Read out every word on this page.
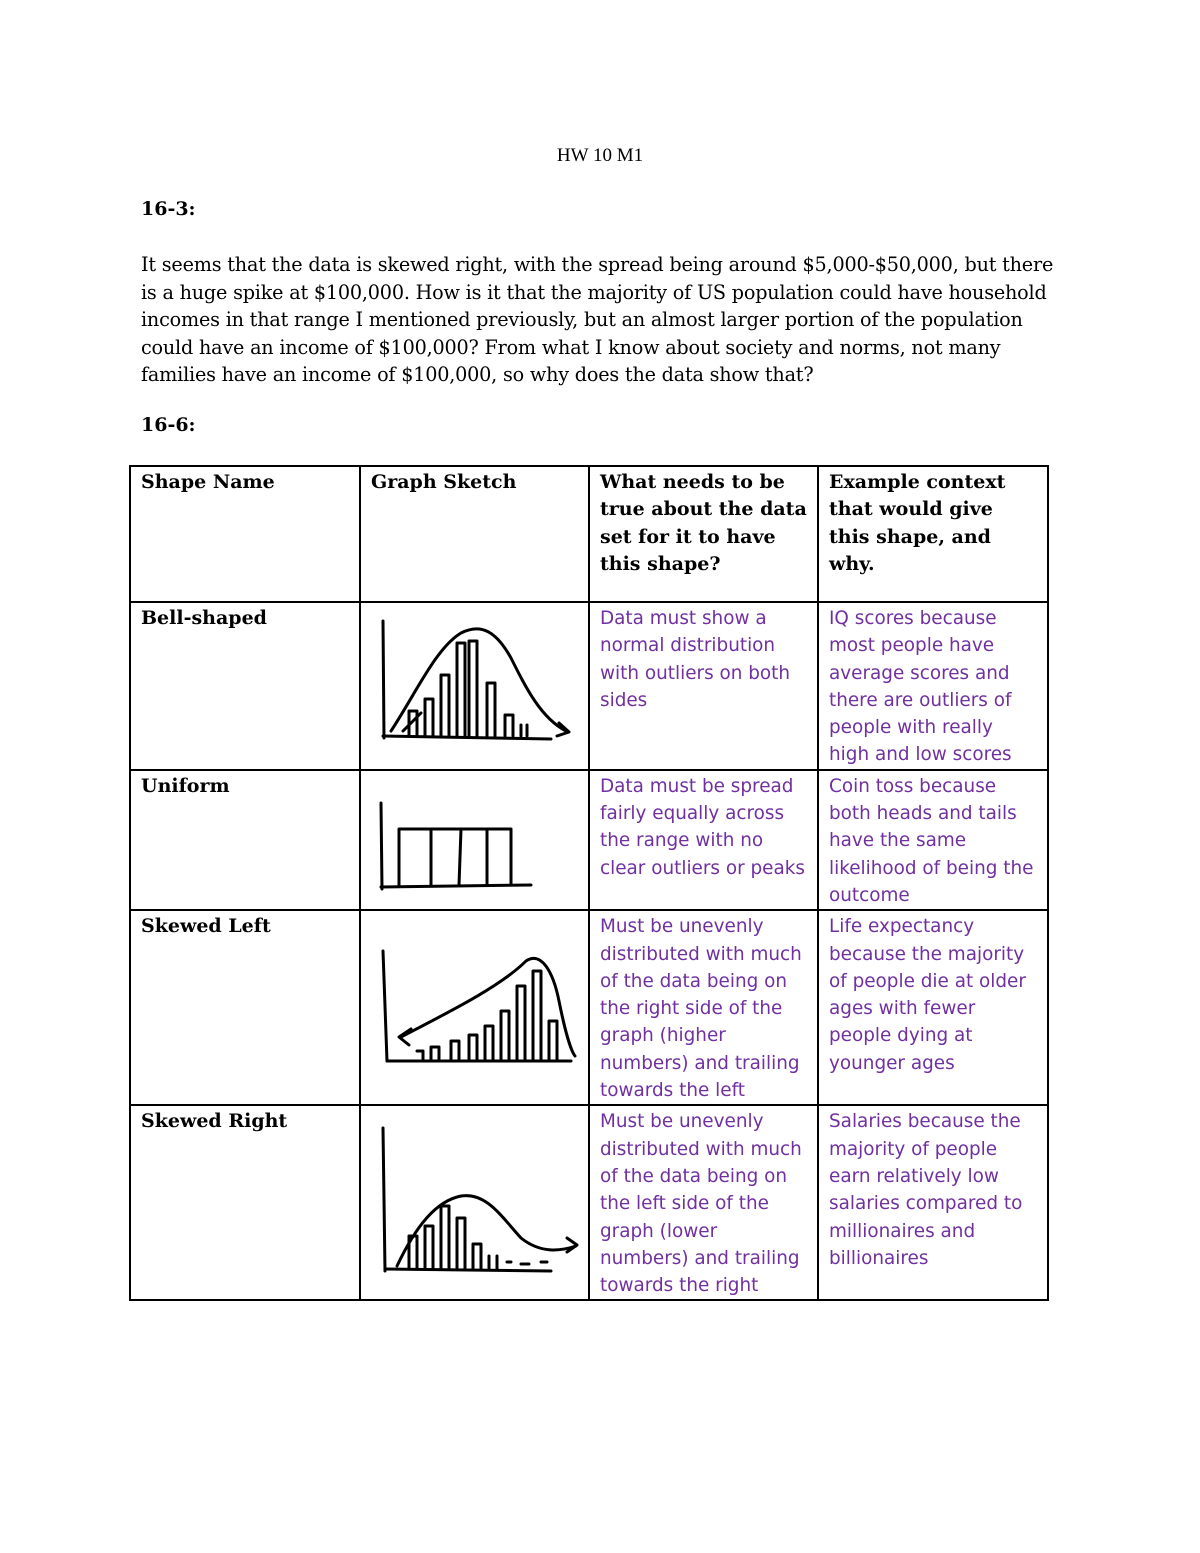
HW 10 M1
16-3:
It seems that the data is skewed right, with the spread being around $5,000-$50,000, but there is a huge spike at $100,000. How is it that the majority of US population could have household incomes in that range I mentioned previously, but an almost larger portion of the population could have an income of $100,000? From what I know about society and norms, not many families have an income of $100,000, so why does the data show that?
16-6:
Shape Name	Graph Sketch	What needs to be true about the data set for it to have this shape?	Example context that would give this shape, and why.
Bell-shaped		Data must show a normal distribution with outliers on both sides	IQ scores because most people have average scores and there are outliers of people with really high and low scores
Uniform		Data must be spread fairly equally across the range with no clear outliers or peaks	Coin toss because both heads and tails have the same likelihood of being the outcome
Skewed Left		Must be unevenly distributed with much of the data being on the right side of the graph (higher numbers) and trailing towards the left	Life expectancy because the majority of people die at older ages with fewer people dying at younger ages
Skewed Right		Must be unevenly distributed with much of the data being on the left side of the graph (lower numbers) and trailing towards the right	Salaries because the majority of people earn relatively low salaries compared to millionaires and billionaires
